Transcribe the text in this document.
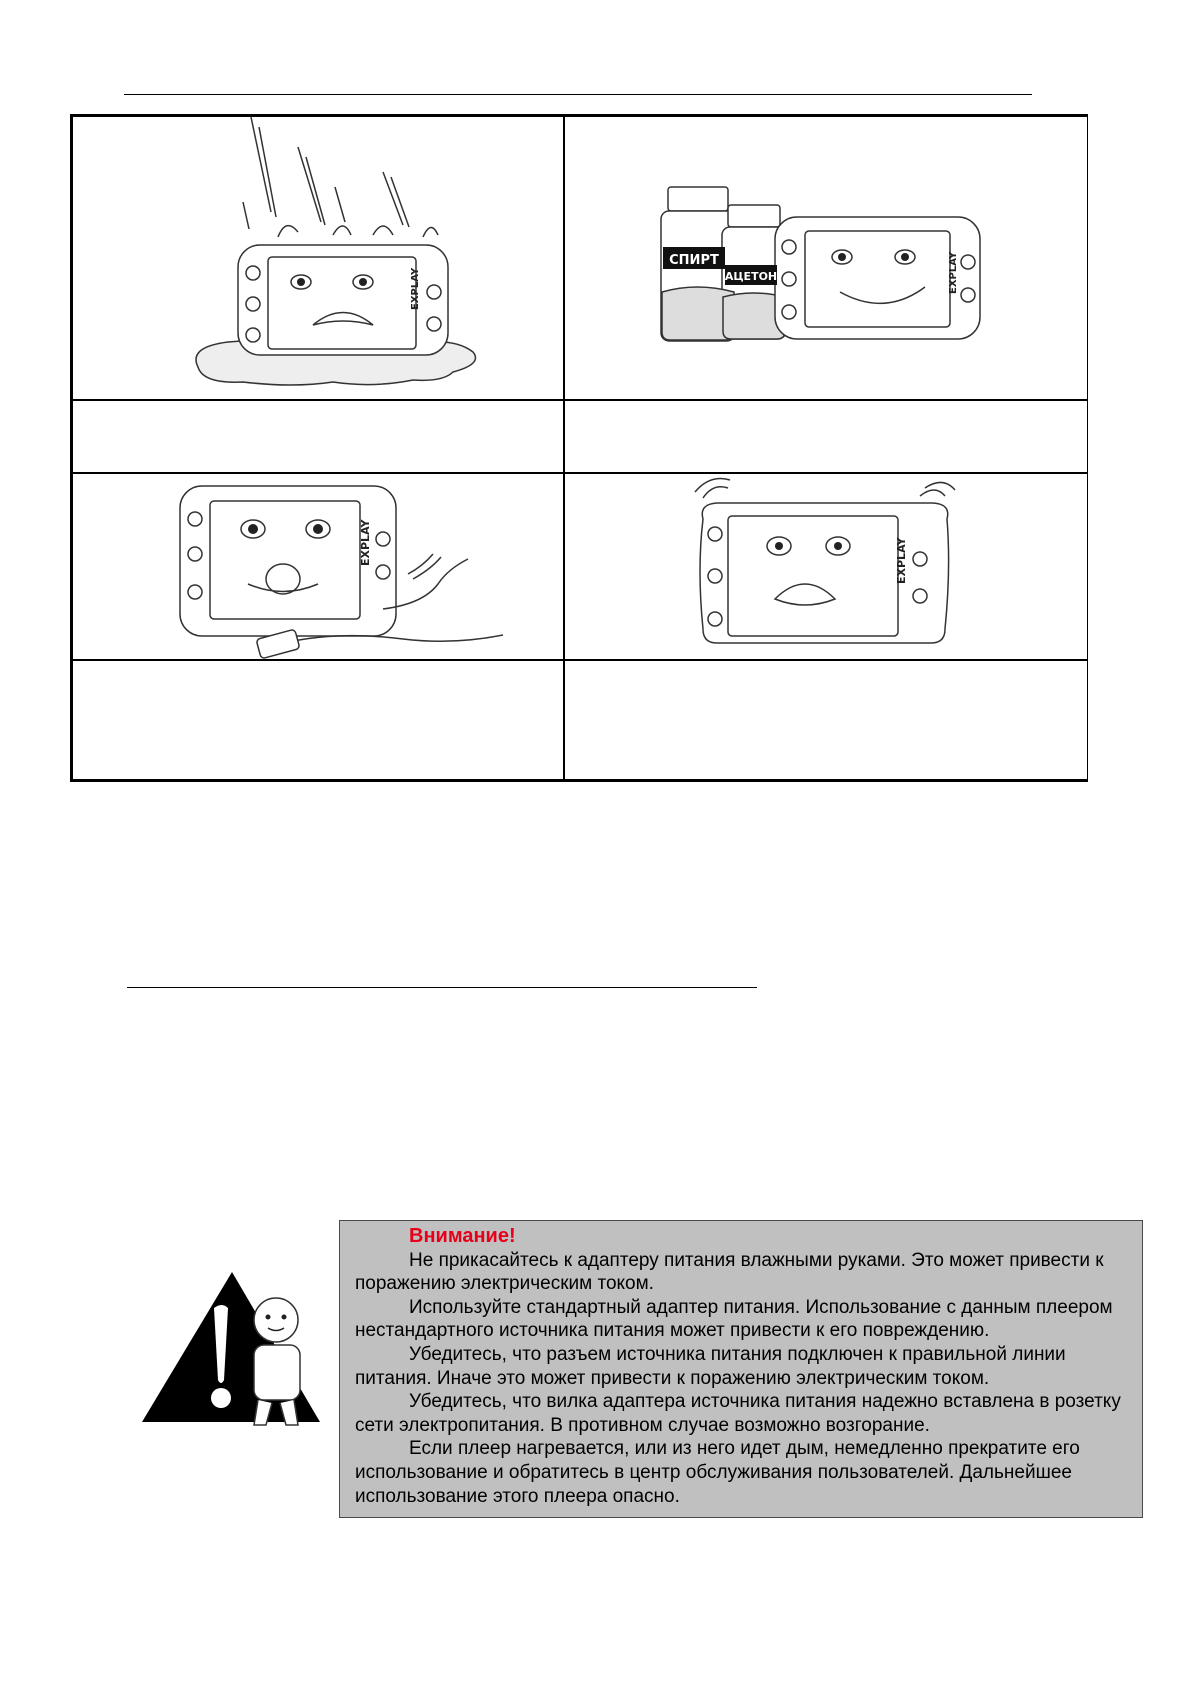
EXPLAY
СПИРТ
АЦЕТОН	EXPLAY
EXPLAY	EXPLAY
Внимание!

Не прикасайтесь к адаптеру питания влажными руками. Это может привести к поражению электрическим током.

Используйте стандартный адаптер питания. Использование с данным плеером нестандартного источника питания может привести к его повреждению.

Убедитесь, что разъем источника питания подключен к правильной линии питания. Иначе это может привести к поражению электрическим током.

Убедитесь, что вилка адаптера источника питания надежно вставлена в розетку сети электропитания. В противном случае возможно возгорание.

Если плеер нагревается, или из него идет дым, немедленно прекратите его использование и обратитесь в центр обслуживания пользователей. Дальнейшее использование этого плеера опасно.
